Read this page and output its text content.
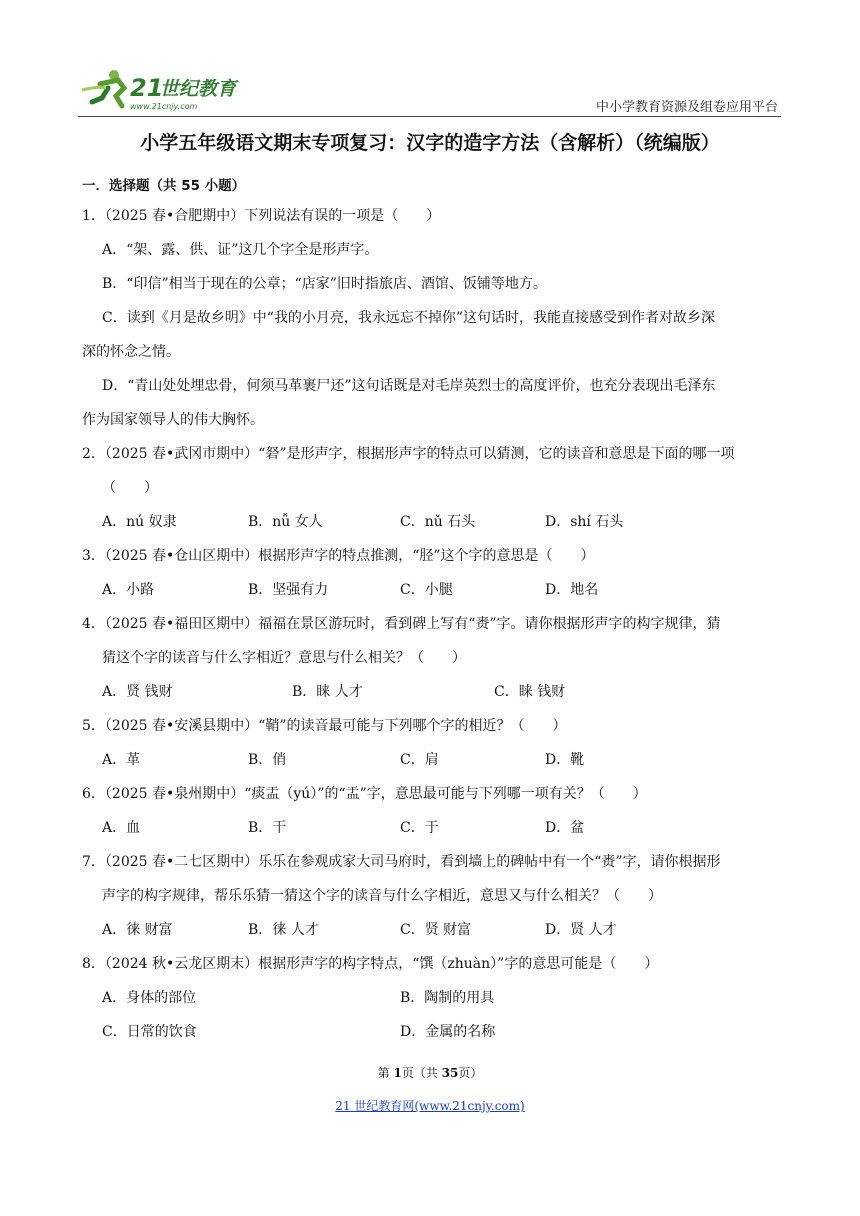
21
世纪教育
www.21cnjy.com	中小学教育资源及组卷应用平台
小学五年级语文期末专项复习：汉字的造字方法（含解析）（统编版）
一．选择题（共 55 小题）
1．（2025 春•合肥期中）下列说法有误的一项是（　　）
A．“架、露、供、证”这几个字全是形声字。
B．“印信”相当于现在的公章；“店家”旧时指旅店、酒馆、饭铺等地方。
C．读到《月是故乡明》中“我的小月亮，我永远忘不掉你”这句话时，我能直接感受到作者对故乡深
深的怀念之情。
D．“青山处处埋忠骨，何须马革裹尸还”这句话既是对毛岸英烈士的高度评价，也充分表现出毛泽东
作为国家领导人的伟大胸怀。
2．（2025 春•武冈市期中）“砮”是形声字，根据形声字的特点可以猜测，它的读音和意思是下面的哪一项
（　　）
A．nú 奴隶	B．nǚ 女人	C．nǔ 石头	D．shí 石头
3．（2025 春•仓山区期中）根据形声字的特点推测，“胫”这个字的意思是（　　）
A．小路	B．坚强有力	C．小腿	D．地名
4．（2025 春•福田区期中）福福在景区游玩时，看到碑上写有“赉”字。请你根据形声字的构字规律，猜
猜这个字的读音与什么字相近？意思与什么相关？（　　）
A．贤 钱财	B．睐 人才	C．睐 钱财
5．（2025 春•安溪县期中）“鞘”的读音最可能与下列哪个字的相近？（　　）
A．革	B．俏	C．肩	D．靴
6．（2025 春•泉州期中）“痰盂（yú）”的“盂”字，意思最可能与下列哪一项有关？（　　）
A．血	B．干	C．于	D．盆
7．（2025 春•二七区期中）乐乐在参观成家大司马府时，看到墙上的碑帖中有一个“赉”字，请你根据形
声字的构字规律，帮乐乐猜一猜这个字的读音与什么字相近，意思又与什么相关？（　　）
A．徕 财富	B．徕 人才	C．贤 财富	D．贤 人才
8．（2024 秋•云龙区期末）根据形声字的构字特点，“馔（zhuàn）”字的意思可能是（　　）
A．身体的部位	B．陶制的用具
C．日常的饮食	D．金属的名称
第 1页（共 35页）
21 世纪教育网(www.21cnjy.com)
